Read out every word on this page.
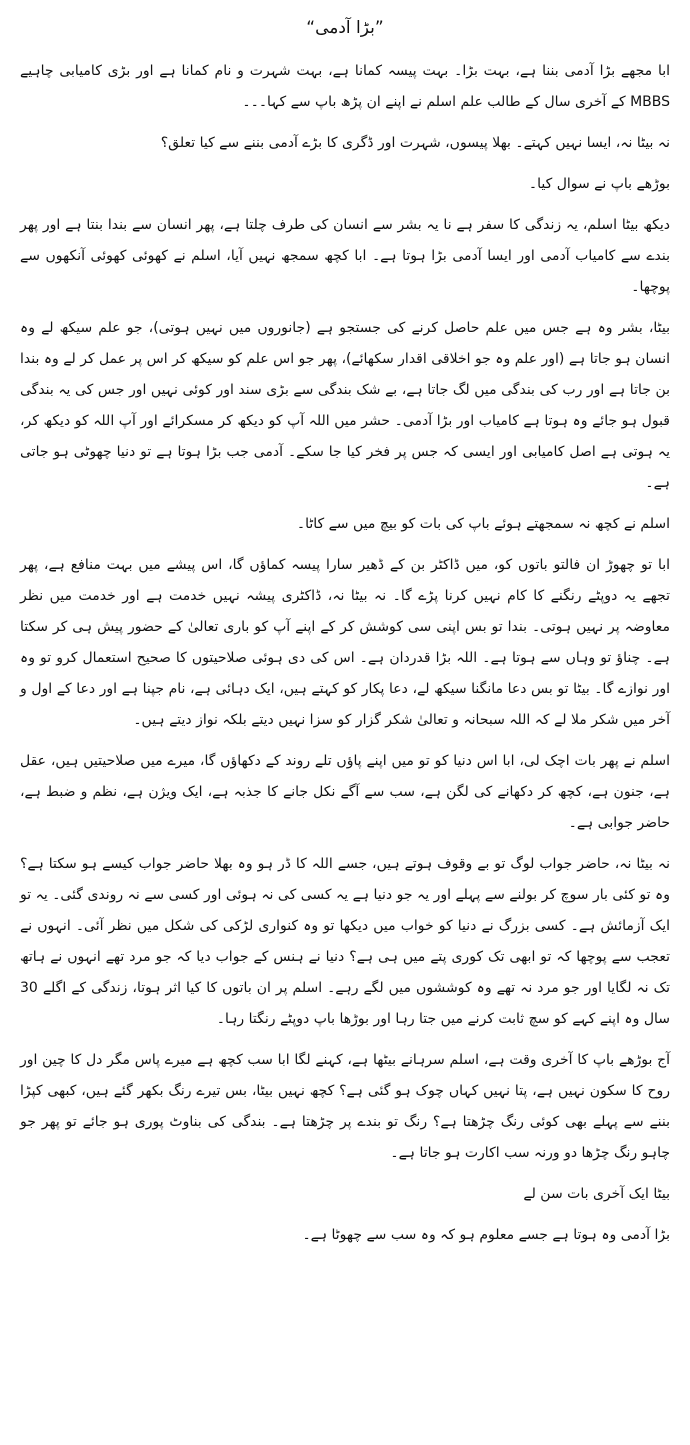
”بڑا آدمی“

ابا مجھے بڑا آدمی بننا ہے، بہت بڑا۔ بہت پیسہ کمانا ہے، بہت شہرت و نام کمانا ہے اور بڑی کامیابی چاہیے MBBS کے آخری سال کے طالب علم اسلم نے اپنے ان پڑھ باپ سے کہا۔۔۔

نہ بیٹا نہ، ایسا نہیں کہتے۔ بھلا پیسوں، شہرت اور ڈگری کا بڑے آدمی بننے سے کیا تعلق؟

بوڑھے باپ نے سوال کیا۔

دیکھ بیٹا اسلم، یہ زندگی کا سفر ہے نا یہ بشر سے انسان کی طرف چلتا ہے، پھر انسان سے بندا بنتا ہے اور پھر بندے سے کامیاب آدمی اور ایسا آدمی بڑا ہوتا ہے۔ ابا کچھ سمجھ نہیں آیا، اسلم نے کھوئی کھوئی آنکھوں سے پوچھا۔

بیٹا، بشر وہ ہے جس میں علم حاصل کرنے کی جستجو ہے (جانوروں میں نہیں ہوتی)، جو علم سیکھ لے وہ انسان ہو جاتا ہے (اور علم وہ جو اخلاقی اقدار سکھائے)، پھر جو اس علم کو سیکھ کر اس پر عمل کر لے وہ بندا بن جاتا ہے اور رب کی بندگی میں لگ جاتا ہے، بے شک بندگی سے بڑی سند اور کوئی نہیں اور جس کی یہ بندگی قبول ہو جائے وہ ہوتا ہے کامیاب اور بڑا آدمی۔ حشر میں اللہ آپ کو دیکھ کر مسکرائے اور آپ اللہ کو دیکھ کر، یہ ہوتی ہے اصل کامیابی اور ایسی کہ جس پر فخر کیا جا سکے۔ آدمی جب بڑا ہوتا ہے تو دنیا چھوٹی ہو جاتی ہے۔

اسلم نے کچھ نہ سمجھتے ہوئے باپ کی بات کو بیچ میں سے کاٹا۔

ابا تو چھوڑ ان فالتو باتوں کو، میں ڈاکٹر بن کے ڈھیر سارا پیسہ کماؤں گا، اس پیشے میں بہت منافع ہے، پھر تجھے یہ دوپٹے رنگنے کا کام نہیں کرنا پڑے گا۔ نہ بیٹا نہ، ڈاکٹری پیشہ نہیں خدمت ہے اور خدمت میں نظر معاوضہ پر نہیں ہوتی۔ بندا تو بس اپنی سی کوشش کر کے اپنے آپ کو باری تعالیٰ کے حضور پیش ہی کر سکتا ہے۔ چناؤ تو وہاں سے ہوتا ہے۔ اللہ بڑا قدردان ہے۔ اس کی دی ہوئی صلاحیتوں کا صحیح استعمال کرو تو وہ اور نوازے گا۔ بیٹا تو بس دعا مانگنا سیکھ لے، دعا پکار کو کہتے ہیں، ایک دہائی ہے، نام جپنا ہے اور دعا کے اول و آخر میں شکر ملا لے کہ اللہ سبحانہ و تعالیٰ شکر گزار کو سزا نہیں دیتے بلکہ نواز دیتے ہیں۔

اسلم نے پھر بات اچک لی، ابا اس دنیا کو تو میں اپنے پاؤں تلے روند کے دکھاؤں گا، میرے میں صلاحیتیں ہیں، عقل ہے، جنون ہے، کچھ کر دکھانے کی لگن ہے، سب سے آگے نکل جانے کا جذبہ ہے، ایک ویژن ہے، نظم و ضبط ہے، حاضر جوابی ہے۔

نہ بیٹا نہ، حاضر جواب لوگ تو بے وقوف ہوتے ہیں، جسے اللہ کا ڈر ہو وہ بھلا حاضر جواب کیسے ہو سکتا ہے؟ وہ تو کئی بار سوچ کر بولنے سے پہلے اور یہ جو دنیا ہے یہ کسی کی نہ ہوئی اور کسی سے نہ روندی گئی۔ یہ تو ایک آزمائش ہے۔ کسی بزرگ نے دنیا کو خواب میں دیکھا تو وہ کنواری لڑکی کی شکل میں نظر آئی۔ انہوں نے تعجب سے پوچھا کہ تو ابھی تک کوری پتے میں ہی ہے؟ دنیا نے ہنس کے جواب دیا کہ جو مرد تھے انہوں نے ہاتھ تک نہ لگایا اور جو مرد نہ تھے وہ کوششوں میں لگے رہے۔ اسلم پر ان باتوں کا کیا اثر ہوتا، زندگی کے اگلے 30 سال وہ اپنے کہے کو سچ ثابت کرنے میں جتا رہا اور بوڑھا باپ دوپٹے رنگتا رہا۔

آج بوڑھے باپ کا آخری وقت ہے، اسلم سرہانے بیٹھا ہے، کہنے لگا ابا سب کچھ ہے میرے پاس مگر دل کا چین اور روح کا سکون نہیں ہے، پتا نہیں کہاں چوک ہو گئی ہے؟ کچھ نہیں بیٹا، بس تیرے رنگ بکھر گئے ہیں، کبھی کپڑا بننے سے پہلے بھی کوئی رنگ چڑھتا ہے؟ رنگ تو بندے پر چڑھتا ہے۔ بندگی کی بناوٹ پوری ہو جائے تو پھر جو چاہو رنگ چڑھا دو ورنہ سب اکارت ہو جاتا ہے۔

بیٹا ایک آخری بات سن لے

بڑا آدمی وہ ہوتا ہے جسے معلوم ہو کہ وہ سب سے چھوٹا ہے۔
